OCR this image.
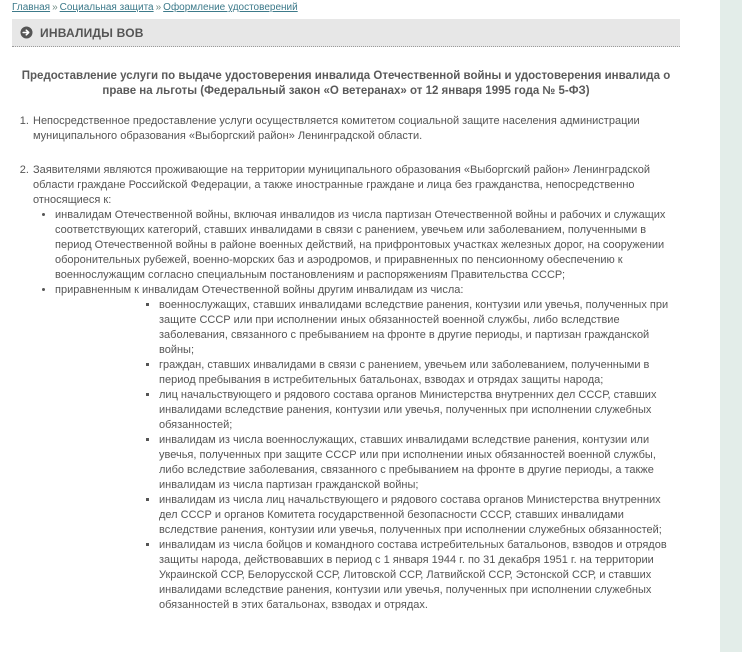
Главная » Социальная защита » Оформление удостоверений
ИНВАЛИДЫ ВОВ
Предоставление услуги по выдаче удостоверения инвалида Отечественной войны и удостоверения инвалида о праве на льготы (Федеральный закон «О ветеранах» от 12 января 1995 года № 5-ФЗ)
1. Непосредственное предоставление услуги осуществляется комитетом социальной защите населения администрации муниципального образования «Выборгский район» Ленинградской области.
2. Заявителями являются проживающие на территории муниципального образования «Выборгский район» Ленинградской области граждане Российской Федерации, а также иностранные граждане и лица без гражданства, непосредственно относящиеся к:
• инвалидам Отечественной войны, включая инвалидов из числа партизан Отечественной войны и рабочих и служащих соответствующих категорий, ставших инвалидами в связи с ранением, увечьем или заболеванием, полученными в период Отечественной войны в районе военных действий, на прифронтовых участках железных дорог, на сооружении оборонительных рубежей, военно-морских баз и аэродромов, и приравненных по пенсионному обеспечению к военнослужащим согласно специальным постановлениям и распоряжениям Правительства СССР;
• приравненным к инвалидам Отечественной войны другим инвалидам из числа:
▪ военнослужащих, ставших инвалидами вследствие ранения, контузии или увечья, полученных при защите СССР или при исполнении иных обязанностей военной службы, либо вследствие заболевания, связанного с пребыванием на фронте в другие периоды, и партизан гражданской войны;
▪ граждан, ставших инвалидами в связи с ранением, увечьем или заболеванием, полученными в период пребывания в истребительных батальонах, взводах и отрядах защиты народа;
▪ лиц начальствующего и рядового состава органов Министерства внутренних дел СССР, ставших инвалидами вследствие ранения, контузии или увечья, полученных при исполнении служебных обязанностей;
▪ инвалидам из числа военнослужащих, ставших инвалидами вследствие ранения, контузии или увечья, полученных при защите СССР или при исполнении иных обязанностей военной службы, либо вследствие заболевания, связанного с пребыванием на фронте в другие периоды, а также инвалидам из числа партизан гражданской войны;
▪ инвалидам из числа лиц начальствующего и рядового состава органов Министерства внутренних дел СССР и органов Комитета государственной безопасности СССР, ставших инвалидами вследствие ранения, контузии или увечья, полученных при исполнении служебных обязанностей;
▪ инвалидам из числа бойцов и командного состава истребительных батальонов, взводов и отрядов защиты народа, действовавших в период с 1 января 1944 г. по 31 декабря 1951 г. на территории Украинской ССР, Белорусской ССР, Литовской ССР, Латвийской ССР, Эстонской ССР, и ставших инвалидами вследствие ранения, контузии или увечья, полученных при исполнении служебных обязанностей в этих батальонах, взводах и отрядах.
